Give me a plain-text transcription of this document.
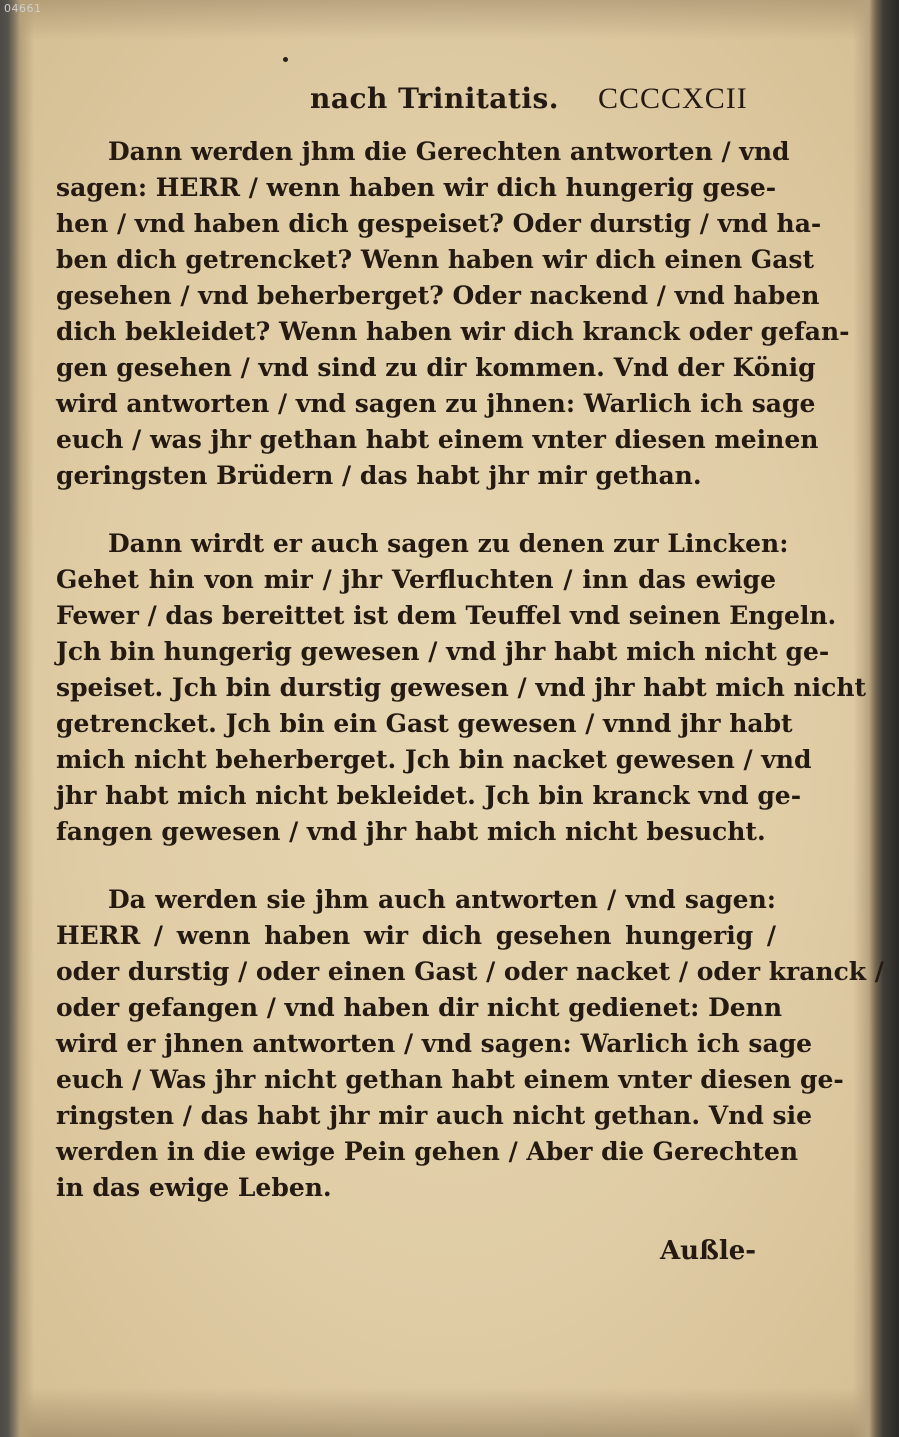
04661
nach Trinitatis. CCCCXCII
Dann werden jhm die Gerechten antworten / vnd
sagen: HERR / wenn haben wir dich hungerig gese-
hen / vnd haben dich gespeiset? Oder durstig / vnd ha-
ben dich getrencket? Wenn haben wir dich einen Gast
gesehen / vnd beherberget? Oder nackend / vnd haben
dich bekleidet? Wenn haben wir dich kranck oder gefan-
gen gesehen / vnd sind zu dir kommen. Vnd der König
wird antworten / vnd sagen zu jhnen: Warlich ich sage
euch / was jhr gethan habt einem vnter diesen meinen
geringsten Brüdern / das habt jhr mir gethan.
Dann wirdt er auch sagen zu denen zur Lincken:
Gehet hin von mir / jhr Verfluchten / inn das ewige
Fewer / das bereittet ist dem Teuffel vnd seinen Engeln.
Jch bin hungerig gewesen / vnd jhr habt mich nicht ge-
speiset. Jch bin durstig gewesen / vnd jhr habt mich nicht
getrencket. Jch bin ein Gast gewesen / vnnd jhr habt
mich nicht beherberget. Jch bin nacket gewesen / vnd
jhr habt mich nicht bekleidet. Jch bin kranck vnd ge-
fangen gewesen / vnd jhr habt mich nicht besucht.
Da werden sie jhm auch antworten / vnd sagen:
HERR / wenn haben wir dich gesehen hungerig /
oder durstig / oder einen Gast / oder nacket / oder kranck /
oder gefangen / vnd haben dir nicht gedienet: Denn
wird er jhnen antworten / vnd sagen: Warlich ich sage
euch / Was jhr nicht gethan habt einem vnter diesen ge-
ringsten / das habt jhr mir auch nicht gethan. Vnd sie
werden in die ewige Pein gehen / Aber die Gerechten
in das ewige Leben.
Außle-
